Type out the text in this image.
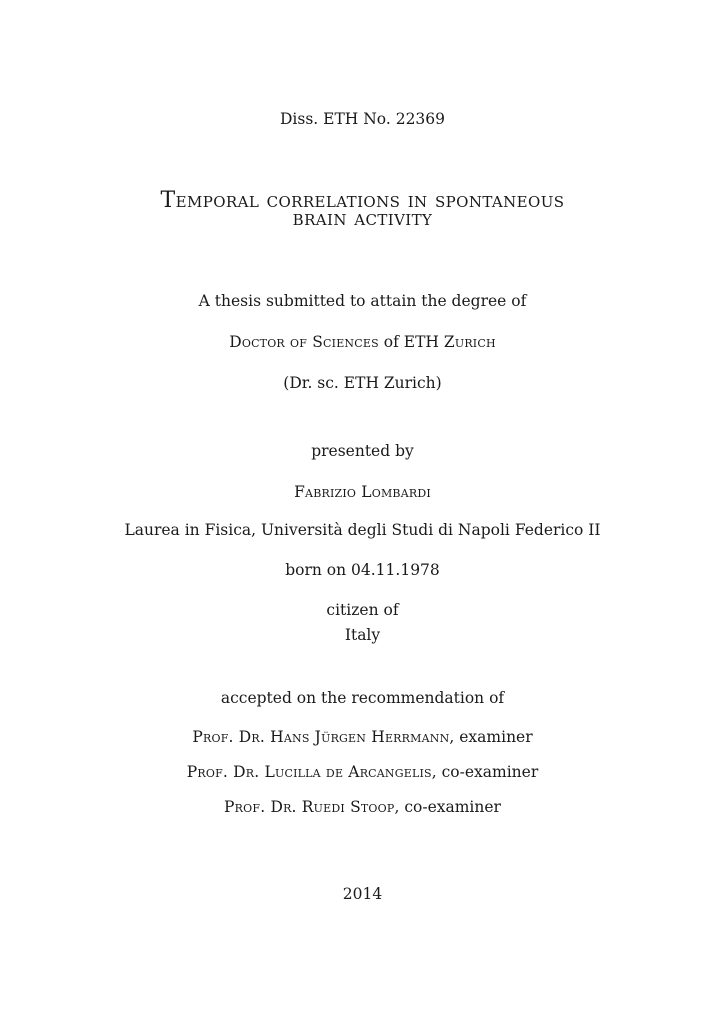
Diss. ETH No. 22369
Temporal correlations in spontaneous
brain activity
A thesis submitted to attain the degree of
Doctor of Sciences of ETH Zurich
(Dr. sc. ETH Zurich)
presented by
Fabrizio Lombardi
Laurea in Fisica, Università degli Studi di Napoli Federico II
born on 04.11.1978
citizen of
Italy
accepted on the recommendation of
Prof. Dr. Hans Jürgen Herrmann, examiner
Prof. Dr. Lucilla de Arcangelis, co-examiner
Prof. Dr. Ruedi Stoop, co-examiner
2014
